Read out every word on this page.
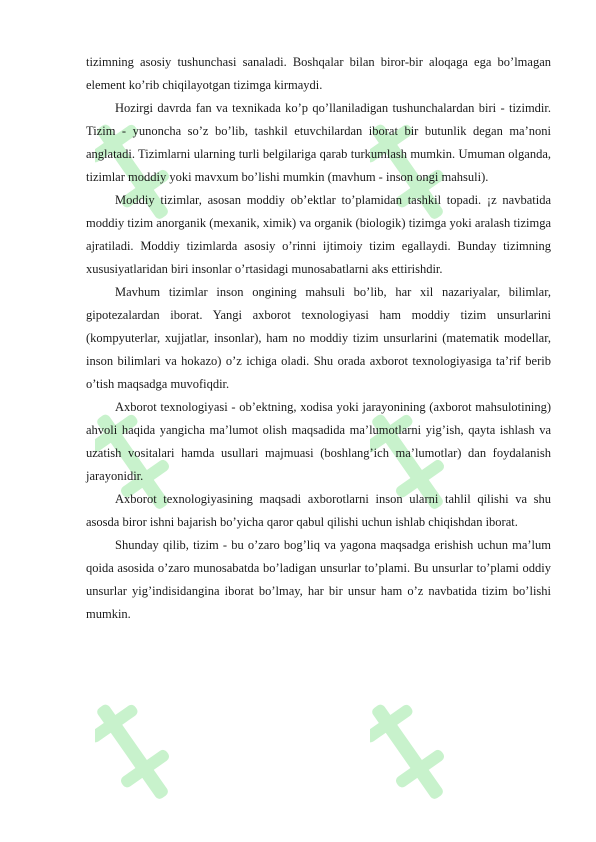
tizimning asosiy tushunchasi sanaladi. Boshqalar bilan biror-bir aloqaga ega bo’lmagan element ko’rib chiqilayotgan tizimga kirmaydi.

Hozirgi davrda fan va texnikada ko’p qo’llaniladigan tushunchalardan biri - tizimdir. Tizim - yunoncha so’z bo’lib, tashkil etuvchilardan iborat bir butunlik degan ma’noni anglatadi. Tizimlarni ularning turli belgilariga qarab turkumlash mumkin. Umuman olganda, tizimlar moddiy yoki mavxum bo’lishi mumkin (mavhum - inson ongi mahsuli).

Moddiy tizimlar, asosan moddiy ob’ektlar to’plamidan tashkil topadi. ¡z navbatida moddiy tizim anorganik (mexanik, ximik) va organik (biologik) tizimga yoki aralash tizimga ajratiladi. Moddiy tizimlarda asosiy o’rinni ijtimoiy tizim egallaydi. Bunday tizimning xususiyatlaridan biri insonlar o’rtasidagi munosabatlarni aks ettirishdir.

Mavhum tizimlar inson ongining mahsuli bo’lib, har xil nazariyalar, bilimlar, gipotezalardan iborat. Yangi axborot texnologiyasi ham moddiy tizim unsurlarini (kompyuterlar, xujjatlar, insonlar), ham no moddiy tizim unsurlarini (matematik modellar, inson bilimlari va hokazo) o’z ichiga oladi. Shu orada axborot texnologiyasiga ta’rif berib o’tish maqsadga muvofiqdir.

Axborot texnologiyasi - ob’ektning, xodisa yoki jarayonining (axborot mahsulotining) ahvoli haqida yangicha ma’lumot olish maqsadida ma’lumotlarni yig’ish, qayta ishlash va uzatish vositalari hamda usullari majmuasi (boshlang’ich ma’lumotlar) dan foydalanish jarayonidir.

Axborot texnologiyasining maqsadi axborotlarni inson ularni tahlil qilishi va shu asosda biror ishni bajarish bo’yicha qaror qabul qilishi uchun ishlab chiqishdan iborat.

Shunday qilib, tizim - bu o’zaro bog’liq va yagona maqsadga erishish uchun ma’lum qoida asosida o’zaro munosabatda bo’ladigan unsurlar to’plami. Bu unsurlar to’plami oddiy unsurlar yig’indisidangina iborat bo’lmay, har bir unsur ham o’z navbatida tizim bo’lishi mumkin.
